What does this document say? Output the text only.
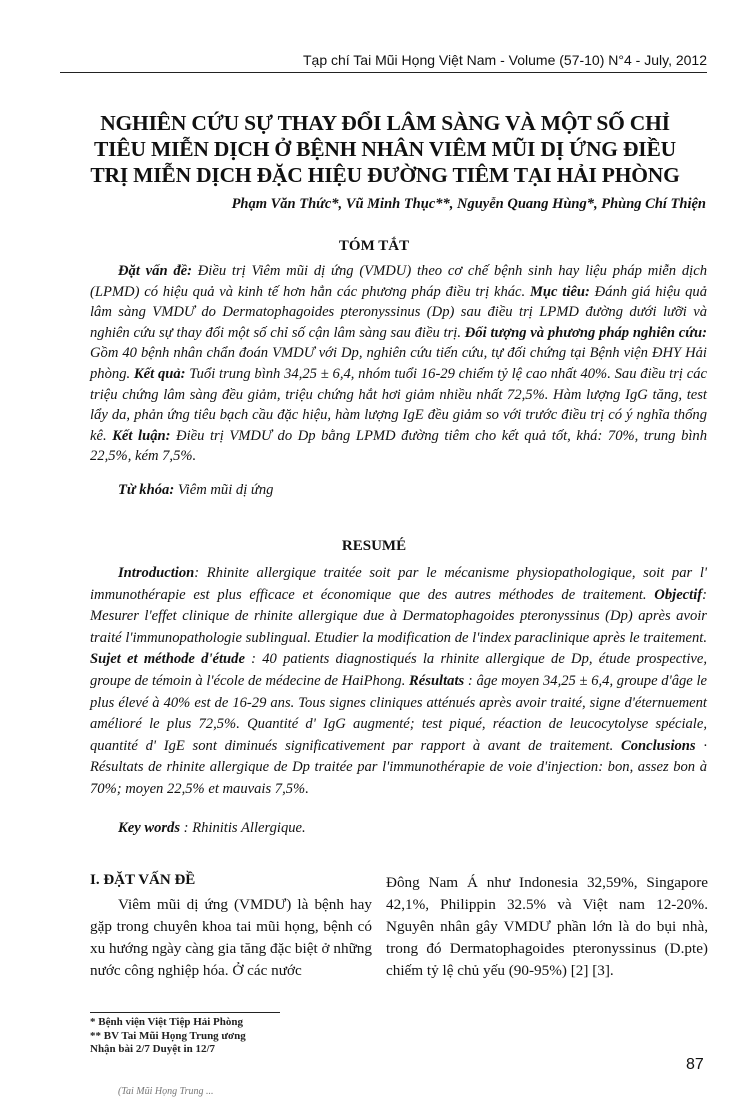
Tạp chí Tai Mũi Họng Việt Nam - Volume (57-10) N°4 - July, 2012
NGHIÊN CỨU SỰ THAY ĐỔI LÂM SÀNG VÀ MỘT SỐ CHỈ
TIÊU MIỄN DỊCH Ở BỆNH NHÂN VIÊM MŨI DỊ ỨNG ĐIỀU
TRỊ MIỄN DỊCH ĐẶC HIỆU ĐƯỜNG TIÊM TẠI HẢI PHÒNG
Phạm Văn Thức*, Vũ Minh Thục**, Nguyễn Quang Hùng*, Phùng Chí Thiện
TÓM TẮT
Đặt vấn đề: Điều trị Viêm mũi dị ứng (VMDU) theo cơ chế bệnh sinh hay liệu pháp miễn dịch (LPMD) có hiệu quả và kinh tế hơn hẳn các phương pháp điều trị khác. Mục tiêu: Đánh giá hiệu quả lâm sàng VMDƯ do Dermatophagoides pteronyssinus (Dp) sau điều trị LPMD đường dưới lưỡi và nghiên cứu sự thay đổi một số chỉ số cận lâm sàng sau điều trị. Đối tượng và phương pháp nghiên cứu: Gồm 40 bệnh nhân chẩn đoán VMDƯ với Dp, nghiên cứu tiến cứu, tự đối chứng tại Bệnh viện ĐHY Hải phòng. Kết quả: Tuổi trung bình 34,25 ± 6,4, nhóm tuổi 16-29 chiếm tỷ lệ cao nhất 40%. Sau điều trị các triệu chứng lâm sàng đều giảm, triệu chứng hắt hơi giảm nhiều nhất 72,5%. Hàm lượng IgG tăng, test lẩy da, phản ứng tiêu bạch cầu đặc hiệu, hàm lượng IgE đều giảm so với trước điều trị có ý nghĩa thống kê. Kết luận: Điều trị VMDƯ do Dp bằng LPMD đường tiêm cho kết quả tốt, khá: 70%, trung bình 22,5%, kém 7,5%.
Từ khóa: Viêm mũi dị ứng
RESUMÉ
Introduction: Rhinite allergique traitée soit par le mécanisme physiopathologique, soit par l' immunothérapie est plus efficace et économique que des autres méthodes de traitement. Objectif: Mesurer l'effet clinique de rhinite allergique due à Dermatophagoides pteronyssinus (Dp) après avoir traité l'immunopathologie sublingual. Etudier la modification de l'index paraclinique après le traitement. Sujet et méthode d'étude : 40 patients diagnostiqués la rhinite allergique de Dp, étude prospective, groupe de témoin à l'école de médecine de HaiPhong. Résultats : âge moyen 34,25 ± 6,4, groupe d'âge le plus élevé à 40% est de 16-29 ans. Tous signes cliniques atténués après avoir traité, signe d'éternuement amélioré le plus 72,5%. Quantité d' IgG augmenté; test piqué, réaction de leucocytolyse spéciale, quantité d' IgE sont diminués significativement par rapport à avant de traitement. Conclusions · Résultats de rhinite allergique de Dp traitée par l'immunothérapie de voie d'injection: bon, assez bon à 70%; moyen 22,5% et mauvais 7,5%.
Key words : Rhinitis Allergique.
I. ĐẶT VẤN ĐỀ
Viêm mũi dị ứng (VMDƯ) là bệnh hay gặp trong chuyên khoa tai mũi họng, bệnh có xu hướng ngày càng gia tăng đặc biệt ở những nước công nghiệp hóa. Ở các nước
Đông Nam Á như Indonesia 32,59%, Singapore 42,1%, Philippin 32.5% và Việt nam 12-20%. Nguyên nhân gây VMDƯ phần lớn là do bụi nhà, trong đó Dermatophagoides pteronyssinus (D.pte) chiếm tỷ lệ chủ yếu (90-95%) [2] [3].
* Bệnh viện Việt Tiệp Hải Phòng
** BV Tai Mũi Họng Trung ương
Nhận bài 2/7 Duyệt in 12/7
87
(Tai Mũi Họng Trung ...
